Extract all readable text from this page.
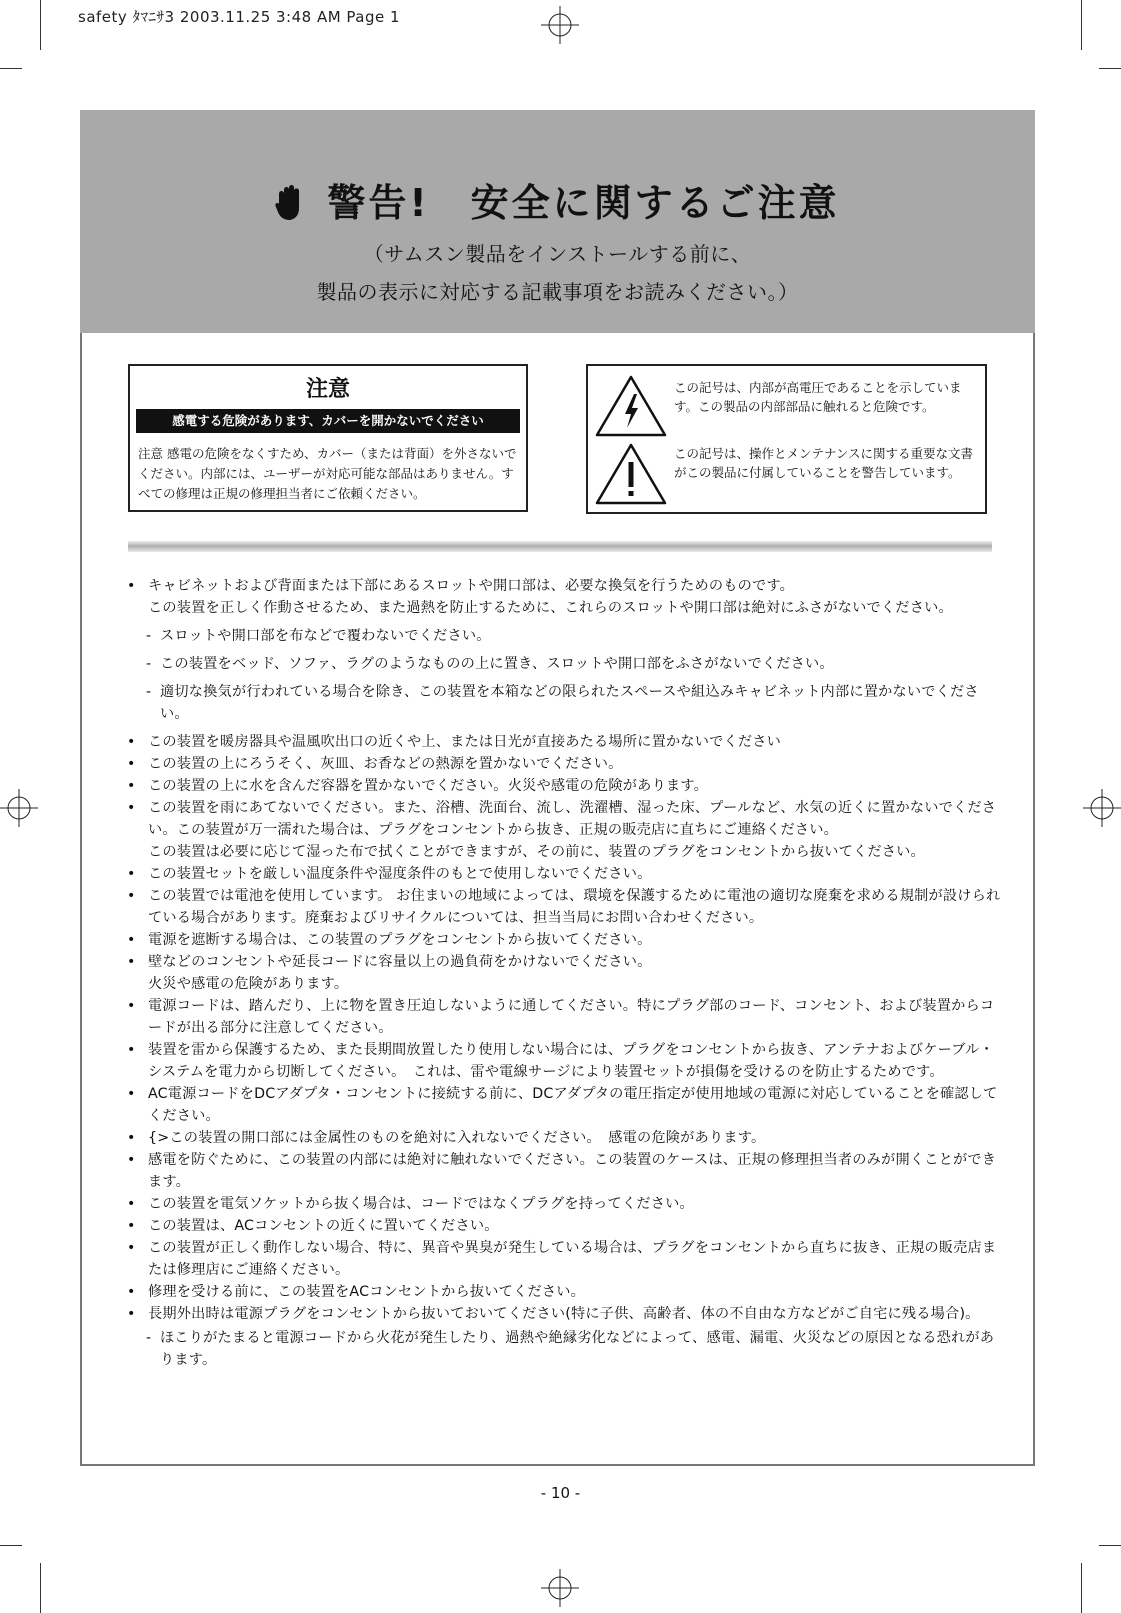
safety ﾀﾏﾆｻ3 2003.11.25 3:48 AM Page 1
警告!　安全に関するご注意
（サムスン製品をインストールする前に、
製品の表示に対応する記載事項をお読みください。）
注意
感電する危険があります、カバーを開かないでください
注意 感電の危険をなくすため、カバー（または背面）を外さないでください。内部には、ユーザーが対応可能な部品はありません。すべての修理は正規の修理担当者にご依頼ください。
この記号は、内部が高電圧であることを示しています。この製品の内部部品に触れると危険です。
この記号は、操作とメンテナンスに関する重要な文書がこの製品に付属していることを警告しています。
• キャビネットおよび背面または下部にあるスロットや開口部は、必要な換気を行うためのものです。
この装置を正しく作動させるため、また過熱を防止するために、これらのスロットや開口部は絶対にふさがないでください。
- スロットや開口部を布などで覆わないでください。
- この装置をベッド、ソファ、ラグのようなものの上に置き、スロットや開口部をふさがないでください。
- 適切な換気が行われている場合を除き、この装置を本箱などの限られたスペースや組込みキャビネット内部に置かないでください。
• この装置を暖房器具や温風吹出口の近くや上、または日光が直接あたる場所に置かないでください
• この装置の上にろうそく、灰皿、お香などの熱源を置かないでください。
• この装置の上に水を含んだ容器を置かないでください。火災や感電の危険があります。
• この装置を雨にあてないでください。また、浴槽、洗面台、流し、洗濯槽、湿った床、プールなど、水気の近くに置かないでください。この装置が万一濡れた場合は、プラグをコンセントから抜き、正規の販売店に直ちにご連絡ください。
この装置は必要に応じて湿った布で拭くことができますが、その前に、装置のプラグをコンセントから抜いてください。
• この装置セットを厳しい温度条件や湿度条件のもとで使用しないでください。
• この装置では電池を使用しています。 お住まいの地域によっては、環境を保護するために電池の適切な廃棄を求める規制が設けられている場合があります。廃棄およびリサイクルについては、担当当局にお問い合わせください。
• 電源を遮断する場合は、この装置のプラグをコンセントから抜いてください。
• 壁などのコンセントや延長コードに容量以上の過負荷をかけないでください。
火災や感電の危険があります。
• 電源コードは、踏んだり、上に物を置き圧迫しないように通してください。特にプラグ部のコード、コンセント、および装置からコードが出る部分に注意してください。
• 装置を雷から保護するため、また長期間放置したり使用しない場合には、プラグをコンセントから抜き、アンテナおよびケーブル・システムを電力から切断してください。　これは、雷や電線サージにより装置セットが損傷を受けるのを防止するためです。
• AC電源コードをDCアダプタ・コンセントに接続する前に、DCアダプタの電圧指定が使用地域の電源に対応していることを確認してください。
• {>この装置の開口部には金属性のものを絶対に入れないでください。　感電の危険があります。
• 感電を防ぐために、この装置の内部には絶対に触れないでください。この装置のケースは、正規の修理担当者のみが開くことができます。
• この装置を電気ソケットから抜く場合は、コードではなくプラグを持ってください。
• この装置は、ACコンセントの近くに置いてください。
• この装置が正しく動作しない場合、特に、異音や異臭が発生している場合は、プラグをコンセントから直ちに抜き、正規の販売店または修理店にご連絡ください。
• 修理を受ける前に、この装置をACコンセントから抜いてください。
• 長期外出時は電源プラグをコンセントから抜いておいてください(特に子供、高齢者、体の不自由な方などがご自宅に残る場合)。
- ほこりがたまると電源コードから火花が発生したり、過熱や絶縁劣化などによって、感電、漏電、火災などの原因となる恐れがあります。
- 10 -
